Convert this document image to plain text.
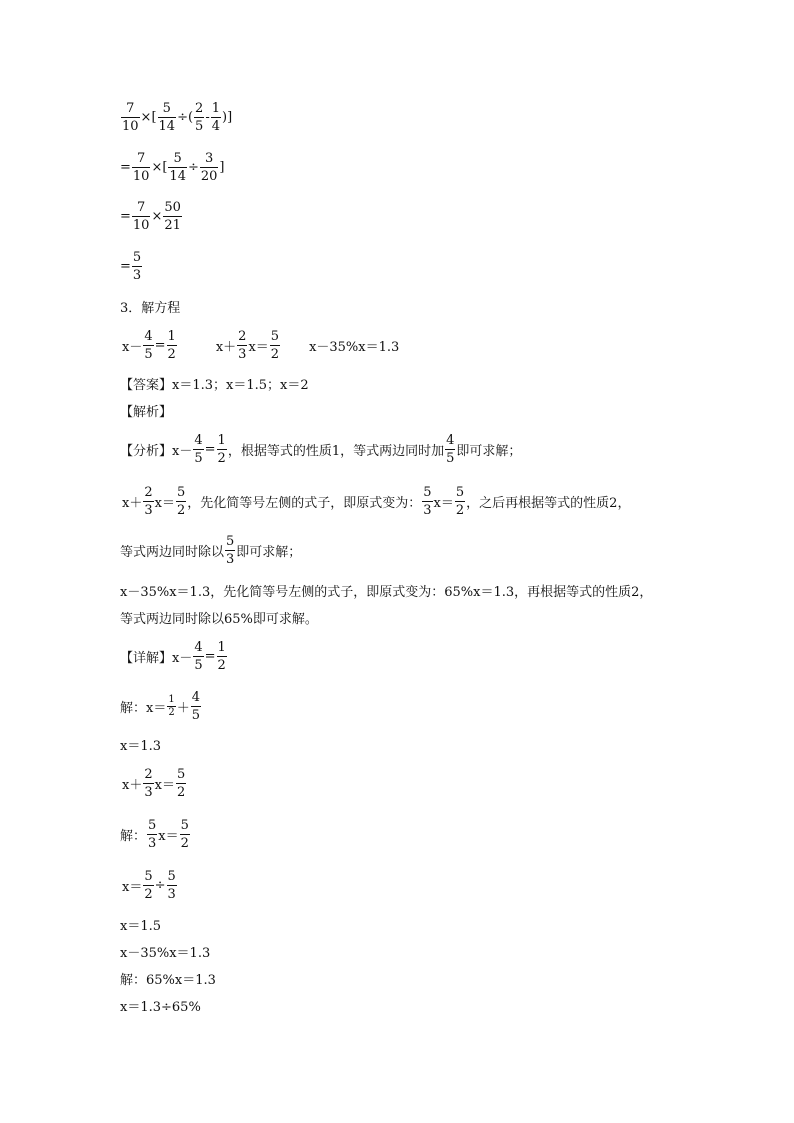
$\frac{7}{10}$ ×[ $\frac{5}{14}$ ÷( $\frac{2}{5} - \frac{1}{4}$ )]
= $\frac{7}{10}$ ×[ $\frac{5}{14} \div \frac{3}{20}$ ]
= $\frac{7}{10} \times \frac{50}{21}$
= $\frac{5}{3}$
3．解方程
$x- \frac{4}{5} = \frac{1}{2}$	$x+ \frac{2}{3} x= \frac{5}{2} x-35\%x=1.3$
【答案】x＝1.3；x＝1.5；x＝2
【解析】
【分析】$x- \frac{4}{5} = \frac{1}{2}$ ，根据等式的性质1，等式两边同时加 $\frac{4}{5}$ 即可求解；
$x+ \frac{2}{3} x= \frac{5}{2}$ ，先化简等号左侧的式子，即原式变为： $\frac{5}{3} x= \frac{5}{2}$ ，之后再根据等式的性质2，
等式两边同时除以 $\frac{5}{3}$ 即可求解；
x－35%x＝1.3，先化简等号左侧的式子，即原式变为：65%x＝1.3，再根据等式的性质2，
等式两边同时除以65%即可求解。
【详解】$x- \frac{4}{5} = \frac{1}{2}$
解：$x= \frac{1}{2} + \frac{4}{5}$
x＝1.3
$x+ \frac{2}{3} x= \frac{5}{2}$
解： $\frac{5}{3} x= \frac{5}{2}$
$x= \frac{5}{2} \div \frac{5}{3}$
x＝1.5
x－35%x＝1.3
解：65%x＝1.3
x＝1.3÷65%
